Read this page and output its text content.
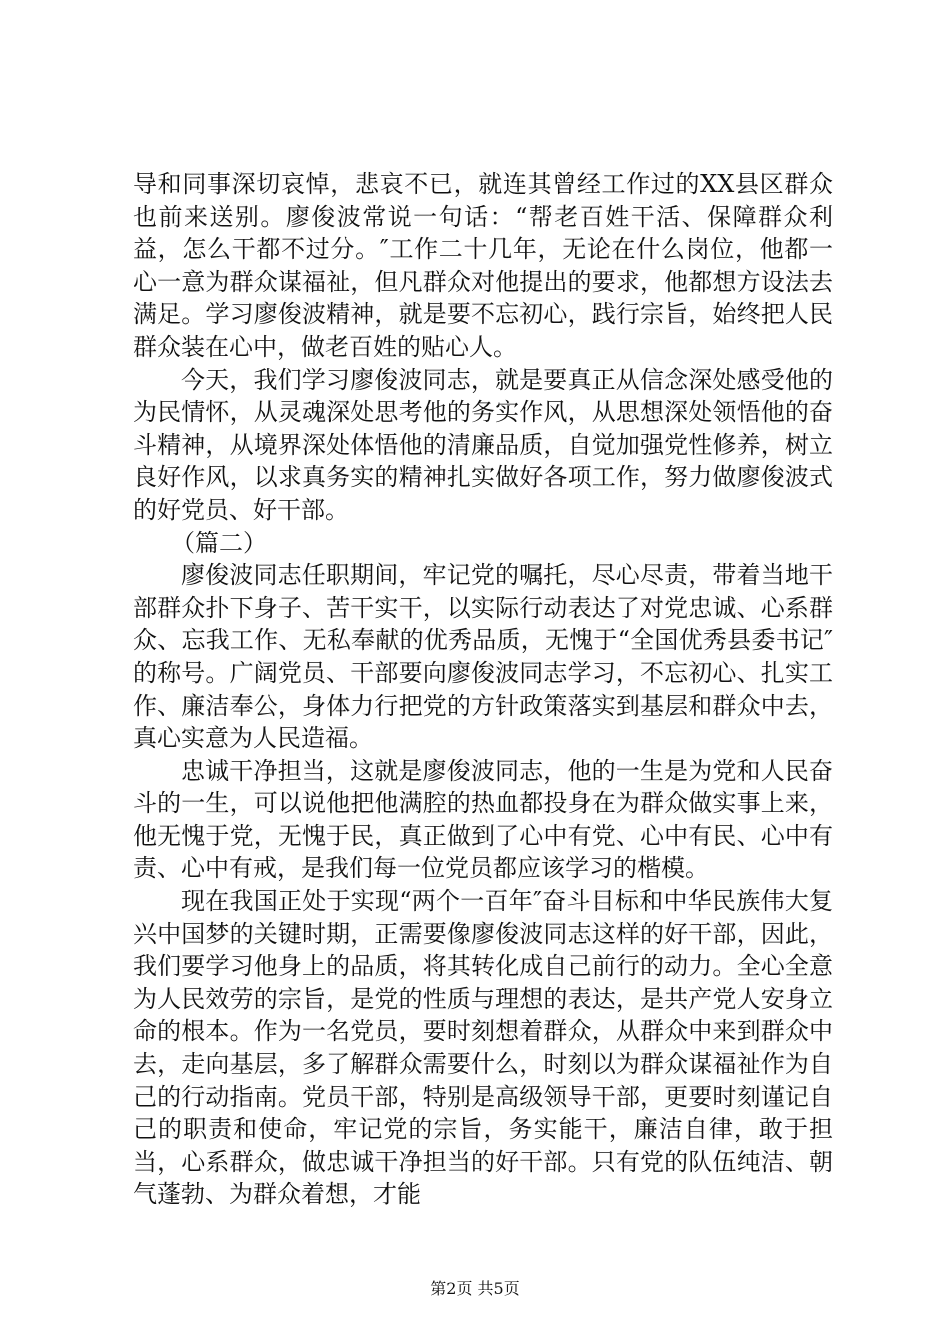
导和同事深切哀悼，悲哀不已，就连其曾经工作过的XX县区群众也前来送别。廖俊波常说一句话：“帮老百姓干活、保障群众利益，怎么干都不过分。″工作二十几年，无论在什么岗位，他都一心一意为群众谋福祉，但凡群众对他提出的要求，他都想方设法去满足。学习廖俊波精神，就是要不忘初心，践行宗旨，始终把人民群众装在心中，做老百姓的贴心人。

今天，我们学习廖俊波同志，就是要真正从信念深处感受他的为民情怀，从灵魂深处思考他的务实作风，从思想深处领悟他的奋斗精神，从境界深处体悟他的清廉品质，自觉加强党性修养，树立良好作风，以求真务实的精神扎实做好各项工作，努力做廖俊波式的好党员、好干部。

（篇二）

廖俊波同志任职期间，牢记党的嘱托，尽心尽责，带着当地干部群众扑下身子、苦干实干，以实际行动表达了对党忠诚、心系群众、忘我工作、无私奉献的优秀品质，无愧于“全国优秀县委书记″的称号。广阔党员、干部要向廖俊波同志学习，不忘初心、扎实工作、廉洁奉公，身体力行把党的方针政策落实到基层和群众中去，真心实意为人民造福。

忠诚干净担当，这就是廖俊波同志，他的一生是为党和人民奋斗的一生，可以说他把他满腔的热血都投身在为群众做实事上来，他无愧于党，无愧于民，真正做到了心中有党、心中有民、心中有责、心中有戒，是我们每一位党员都应该学习的楷模。

现在我国正处于实现“两个一百年″奋斗目标和中华民族伟大复兴中国梦的关键时期，正需要像廖俊波同志这样的好干部，因此，我们要学习他身上的品质，将其转化成自己前行的动力。全心全意为人民效劳的宗旨，是党的性质与理想的表达，是共产党人安身立命的根本。作为一名党员，要时刻想着群众，从群众中来到群众中去，走向基层，多了解群众需要什么，时刻以为群众谋福祉作为自己的行动指南。党员干部，特别是高级领导干部，更要时刻谨记自己的职责和使命，牢记党的宗旨，务实能干，廉洁自律，敢于担当，心系群众，做忠诚干净担当的好干部。只有党的队伍纯洁、朝气蓬勃、为群众着想，才能

第2页 共5页
